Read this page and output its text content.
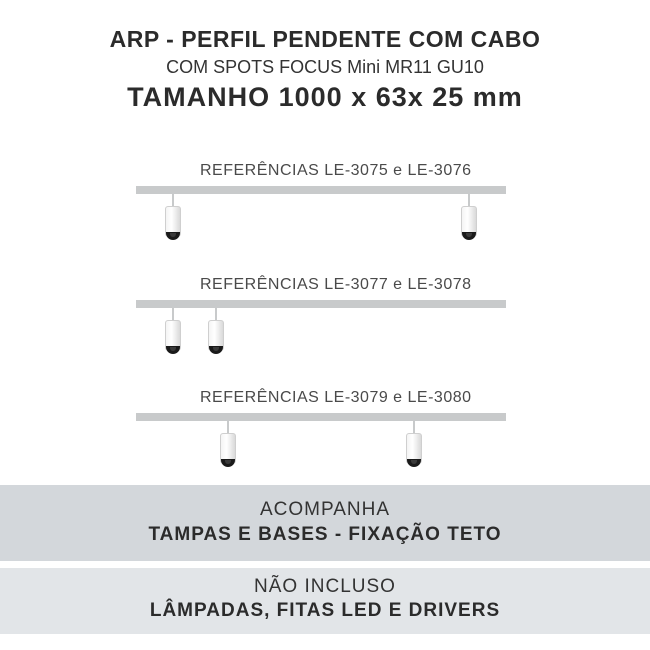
ARP - PERFIL PENDENTE COM CABO
COM SPOTS FOCUS Mini MR11 GU10
TAMANHO 1000 x 63x 25 mm
REFERÊNCIAS LE-3075 e LE-3076
REFERÊNCIAS LE-3077 e LE-3078
REFERÊNCIAS LE-3079 e LE-3080
ACOMPANHA
TAMPAS E BASES - FIXAÇÃO TETO
NÃO INCLUSO
LÂMPADAS, FITAS LED E DRIVERS
